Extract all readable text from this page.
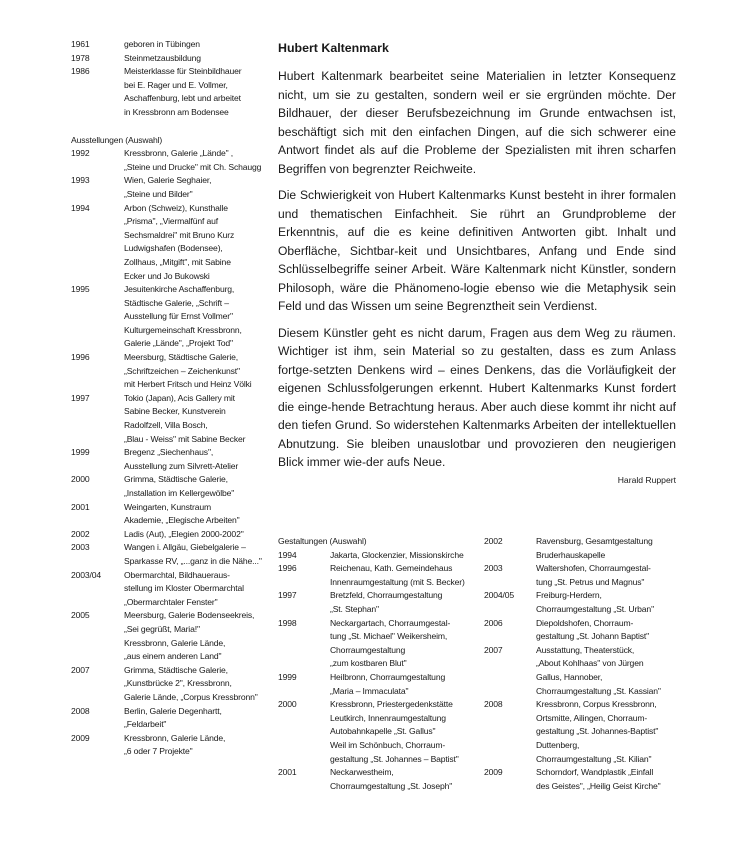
1961	geboren in Tübingen
1978	Steinmetzausbildung
1986	Meisterklasse für Steinbildhauer
bei E. Rager und E. Vollmer,
Aschaffenburg, lebt und arbeitet
in Kressbronn am Bodensee
Ausstellungen (Auswahl)
1992	Kressbronn, Galerie „Lände" ,
„Steine und Drucke" mit Ch. Schaugg
1993	Wien, Galerie Seghaier,
„Steine und Bilder"
1994	Arbon (Schweiz), Kunsthalle
„Prisma", „Viermalfünf auf
Sechsmaldrei" mit Bruno Kurz
Ludwigshafen (Bodensee),
Zollhaus, „Mitgift", mit Sabine
Ecker und Jo Bukowski
1995	Jesuitenkirche Aschaffenburg,
Städtische Galerie, „Schrift –
Ausstellung für Ernst Vollmer"
Kulturgemeinschaft Kressbronn,
Galerie „Lände", „Projekt Tod"
1996	Meersburg, Städtische Galerie,
„Schriftzeichen – Zeichenkunst"
mit Herbert Fritsch und Heinz Völki
1997	Tokio (Japan), Acis Gallery mit
Sabine Becker, Kunstverein
Radolfzell, Villa Bosch,
„Blau - Weiss" mit Sabine Becker
1999	Bregenz „Siechenhaus",
Ausstellung zum Silvrett-Atelier
2000	Grimma, Städtische Galerie,
„Installation im Kellergewölbe"
2001	Weingarten, Kunstraum
Akademie, „Elegische Arbeiten"
2002	Ladis (Aut), „Elegien 2000-2002"
2003	Wangen i. Allgäu, Giebelgalerie –
Sparkasse RV, „...ganz in die Nähe..."
2003/04	Obermarchtal, Bildhaueraus-
stellung im Kloster Obermarchtal
„Obermarchtaler Fenster"
2005	Meersburg, Galerie Bodenseekreis,
„Sei gegrüßt, Maria!"
Kressbronn, Galerie Lände,
„aus einem anderen Land"
2007	Grimma, Städtische Galerie,
„Kunstbrücke 2", Kressbronn,
Galerie Lände, „Corpus Kressbronn"
2008	Berlin, Galerie Degenhartt,
„Feldarbeit"
2009	Kressbronn, Galerie Lände,
„6 oder 7 Projekte"
Hubert Kaltenmark

Hubert Kaltenmark bearbeitet seine Materialien in letzter Konsequenz nicht, um sie zu gestalten, sondern weil er sie ergründen möchte. Der Bildhauer, der dieser Berufsbezeichnung im Grunde entwachsen ist, beschäftigt sich mit den einfachen Dingen, auf die sich schwerer eine Antwort findet als auf die Probleme der Spezialisten mit ihren scharfen Begriffen von begrenzter Reichweite.

Die Schwierigkeit von Hubert Kaltenmarks Kunst besteht in ihrer formalen und thematischen Einfachheit. Sie rührt an Grundprobleme der Erkenntnis, auf die es keine definitiven Antworten gibt. Inhalt und Oberfläche, Sichtbar-keit und Unsichtbares, Anfang und Ende sind Schlüsselbegriffe seiner Arbeit. Wäre Kaltenmark nicht Künstler, sondern Philosoph, wäre die Phänomeno-logie ebenso wie die Metaphysik sein Feld und das Wissen um seine Begrenztheit sein Verdienst.

Diesem Künstler geht es nicht darum, Fragen aus dem Weg zu räumen. Wichtiger ist ihm, sein Material so zu gestalten, dass es zum Anlass fortge-setzten Denkens wird – eines Denkens, das die Vorläufigkeit der eigenen Schlussfolgerungen erkennt. Hubert Kaltenmarks Kunst fordert die einge-hende Betrachtung heraus. Aber auch diese kommt ihr nicht auf den tiefen Grund. So widerstehen Kaltenmarks Arbeiten der intellektuellen Abnutzung. Sie bleiben unauslotbar und provozieren den neugierigen Blick immer wie-der aufs Neue.

Harald Ruppert
Gestaltungen (Auswahl)
1994	Jakarta, Glockenzier, Missionskirche
1996	Reichenau, Kath. Gemeindehaus
Innenraumgestaltung (mit S. Becker)
1997	Bretzfeld, Chorraumgestaltung
„St. Stephan"
1998	Neckargartach, Chorraumgestal-
tung „St. Michael" Weikersheim,
Chorraumgestaltung
„zum kostbaren Blut"
1999	Heilbronn, Chorraumgestaltung
„Maria – Immaculata"
2000	Kressbronn, Priestergedenkstätte
Leutkirch, Innenraumgestaltung
Autobahnkapelle „St. Gallus"
Weil im Schönbuch, Chorraum-
gestaltung „St. Johannes – Baptist"
2001	Neckarwestheim,
Chorraumgestaltung „St. Joseph"
2002	Ravensburg, Gesamtgestaltung
Bruderhauskapelle
2003	Waltershofen, Chorraumgestal-
tung „St. Petrus und Magnus"
2004/05	Freiburg-Herdern,
Chorraumgestaltung „St. Urban"
2006	Diepoldshofen, Chorraum-
gestaltung „St. Johann Baptist"
2007	Ausstattung, Theaterstück,
„About Kohlhaas" von Jürgen
Gallus, Hannober,
Chorraumgestaltung „St. Kassian"
2008	Kressbronn, Corpus Kressbronn,
Ortsmitte, Ailingen, Chorraum-
gestaltung „St. Johannes-Baptist"
Duttenberg,
Chorraumgestaltung „St. Kilian"
2009	Schorndorf, Wandplastik „Einfall
des Geistes", „Heilig Geist Kirche"
